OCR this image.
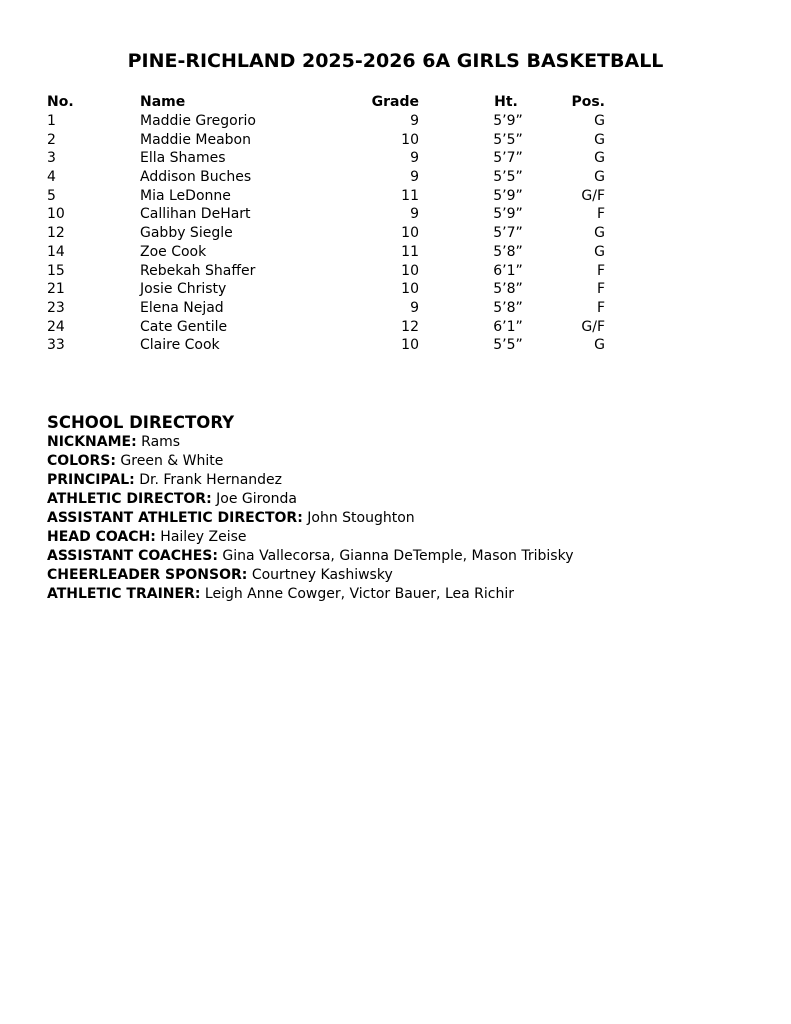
PINE-RICHLAND 2025-2026 6A GIRLS BASKETBALL
No.	Name	Grade	Ht.	Pos.
1	Maddie Gregorio	9	5’9”	G
2	Maddie Meabon	10	5’5”	G
3	Ella Shames	9	5’7”	G
4	Addison Buches	9	5’5”	G
5	Mia LeDonne	11	5’9”	G/F
10	Callihan DeHart	9	5’9”	F
12	Gabby Siegle	10	5’7”	G
14	Zoe Cook	11	5’8”	G
15	Rebekah Shaffer	10	6’1”	F
21	Josie Christy	10	5’8”	F
23	Elena Nejad	9	5’8”	F
24	Cate Gentile	12	6’1”	G/F
33	Claire Cook	10	5’5”	G
SCHOOL DIRECTORY
NICKNAME: Rams
COLORS: Green & White
PRINCIPAL: Dr. Frank Hernandez
ATHLETIC DIRECTOR: Joe Gironda
ASSISTANT ATHLETIC DIRECTOR: John Stoughton
HEAD COACH: Hailey Zeise
ASSISTANT COACHES: Gina Vallecorsa, Gianna DeTemple, Mason Tribisky
CHEERLEADER SPONSOR: Courtney Kashiwsky
ATHLETIC TRAINER: Leigh Anne Cowger, Victor Bauer, Lea Richir
